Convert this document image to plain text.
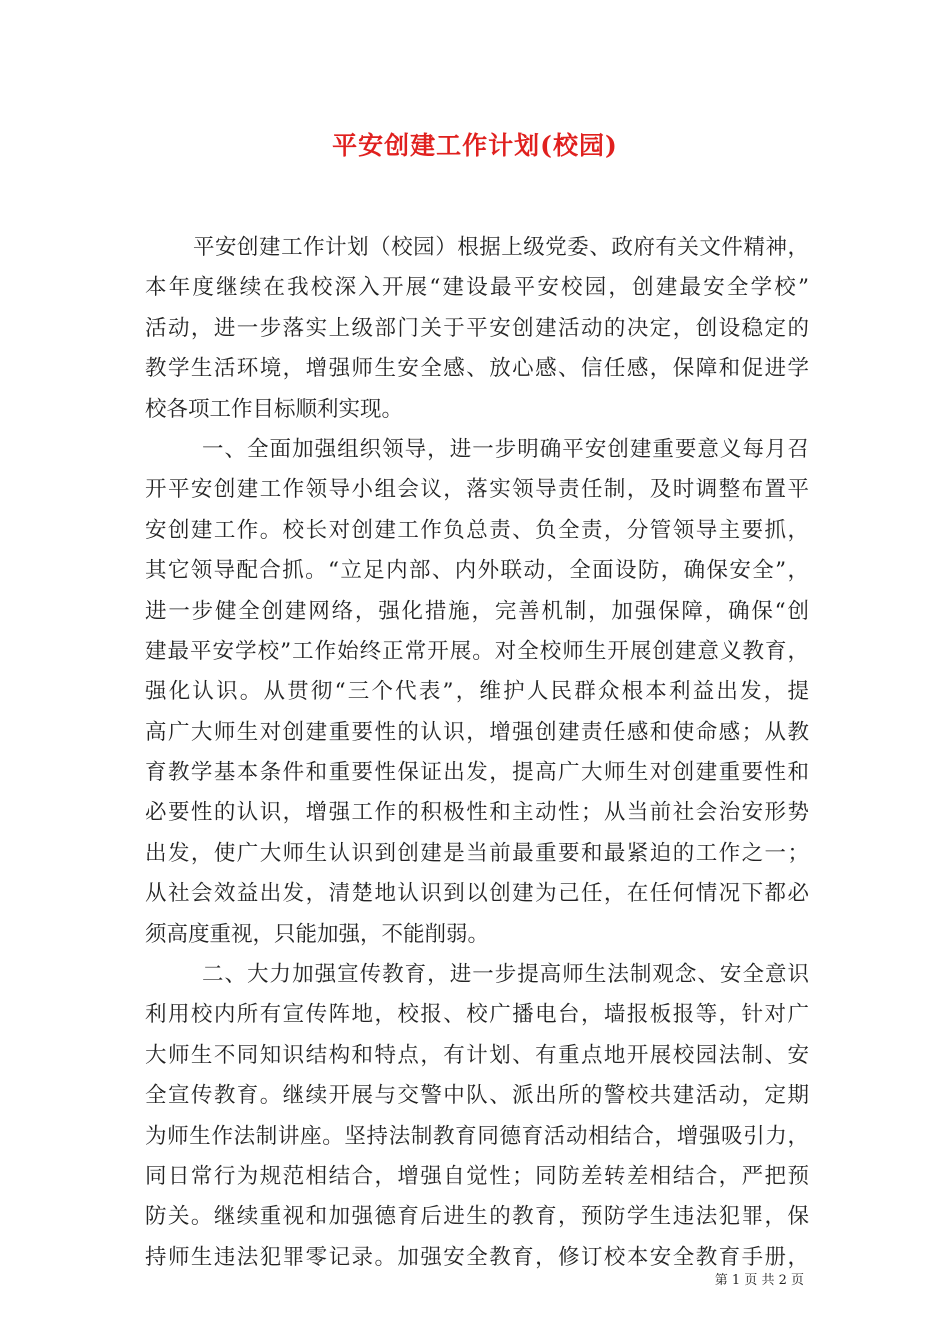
平安创建工作计划(校园)
平安创建工作计划（校园）根据上级党委、政府有关文件精神，
本年度继续在我校深入开展“建设最平安校园，创建最安全学校”
活动，进一步落实上级部门关于平安创建活动的决定，创设稳定的
教学生活环境，增强师生安全感、放心感、信任感，保障和促进学
校各项工作目标顺利实现。
一、全面加强组织领导，进一步明确平安创建重要意义每月召
开平安创建工作领导小组会议，落实领导责任制，及时调整布置平
安创建工作。校长对创建工作负总责、负全责，分管领导主要抓，
其它领导配合抓。“立足内部、内外联动，全面设防，确保安全”，
进一步健全创建网络，强化措施，完善机制，加强保障，确保“创
建最平安学校”工作始终正常开展。对全校师生开展创建意义教育，
强化认识。从贯彻“三个代表”，维护人民群众根本利益出发，提
高广大师生对创建重要性的认识，增强创建责任感和使命感；从教
育教学基本条件和重要性保证出发，提高广大师生对创建重要性和
必要性的认识，增强工作的积极性和主动性；从当前社会治安形势
出发，使广大师生认识到创建是当前最重要和最紧迫的工作之一；
从社会效益出发，清楚地认识到以创建为己任，在任何情况下都必
须高度重视，只能加强，不能削弱。
二、大力加强宣传教育，进一步提高师生法制观念、安全意识
利用校内所有宣传阵地，校报、校广播电台，墙报板报等，针对广
大师生不同知识结构和特点，有计划、有重点地开展校园法制、安
全宣传教育。继续开展与交警中队、派出所的警校共建活动，定期
为师生作法制讲座。坚持法制教育同德育活动相结合，增强吸引力，
同日常行为规范相结合，增强自觉性；同防差转差相结合，严把预
防关。继续重视和加强德育后进生的教育，预防学生违法犯罪，保
持师生违法犯罪零记录。加强安全教育，修订校本安全教育手册，
第 1 页 共 2 页
